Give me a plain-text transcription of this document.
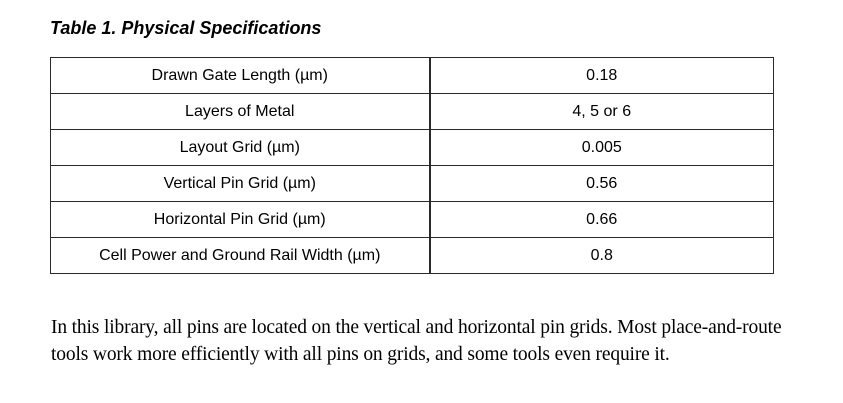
Table 1. Physical Specifications
Drawn Gate Length (µm)	0.18
Layers of Metal	4, 5 or 6
Layout Grid (µm)	0.005
Vertical Pin Grid (µm)	0.56
Horizontal Pin Grid (µm)	0.66
Cell Power and Ground Rail Width (µm)	0.8

In this library, all pins are located on the vertical and horizontal pin grids. Most place-and-route tools work more efficiently with all pins on grids, and some tools even require it.
